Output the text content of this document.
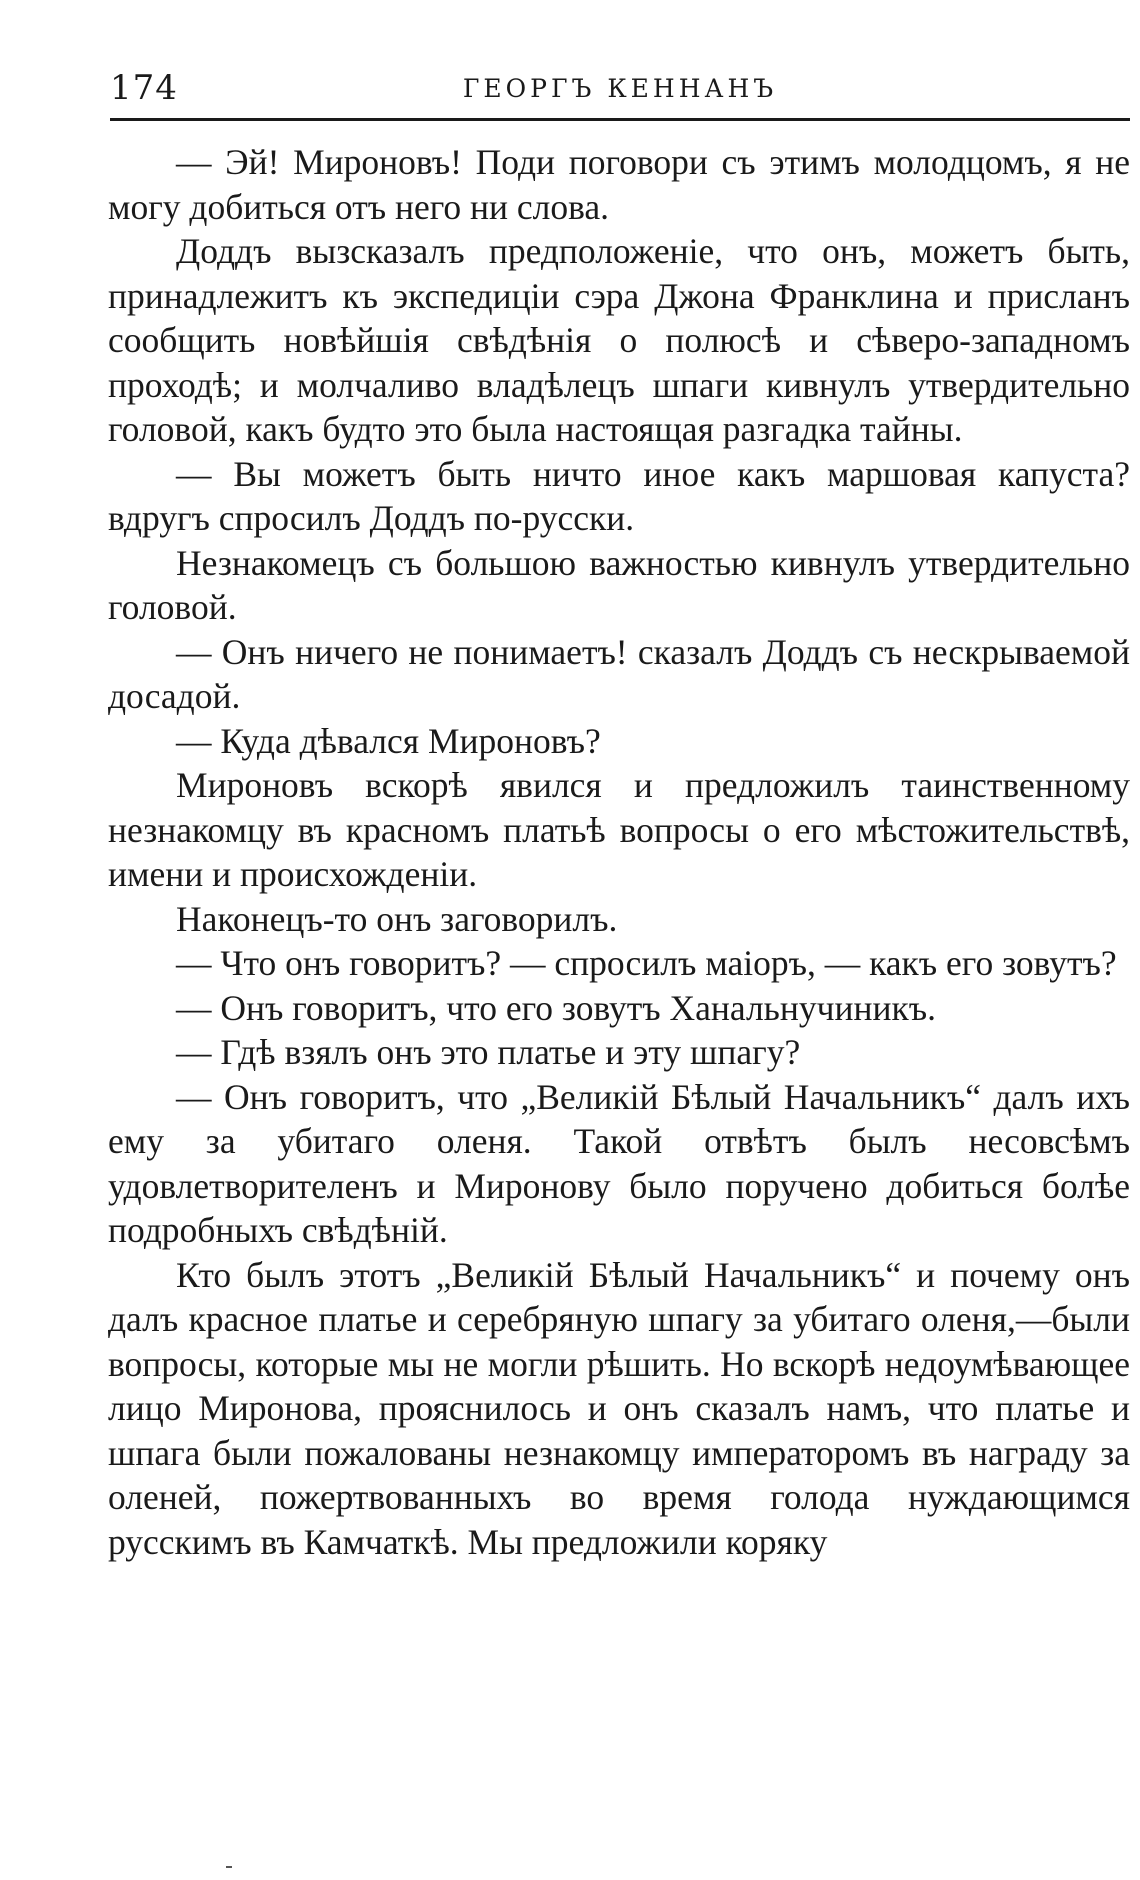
174	ГЕОРГЪ КЕННАНЪ

— Эй! Мироновъ! Поди поговори съ этимъ молодцомъ, я не могу добиться отъ него ни слова.

Доддъ вызсказалъ предположеніе, что онъ, можетъ быть, принадлежитъ къ экспедиціи сэра Джона Франклина и присланъ сообщить новѣйшія свѣдѣнія о полюсѣ и сѣверо-западномъ проходѣ; и молчаливо владѣлецъ шпаги кивнулъ утвердительно головой, какъ будто это была настоящая разгадка тайны.

— Вы можетъ быть ничто иное какъ маршовая капуста? вдругъ спросилъ Доддъ по-русски.

Незнакомецъ съ большою важностью кивнулъ утвердительно головой.

— Онъ ничего не понимаетъ! сказалъ Доддъ съ нескрываемой досадой.

— Куда дѣвался Мироновъ?

Мироновъ вскорѣ явился и предложилъ таинственному незнакомцу въ красномъ платьѣ вопросы о его мѣстожительствѣ, имени и происхожденіи.

Наконецъ-то онъ заговорилъ.

— Что онъ говоритъ? — спросилъ маіоръ, — какъ его зовутъ?

— Онъ говоритъ, что его зовутъ Ханальнучиникъ.

— Гдѣ взялъ онъ это платье и эту шпагу?

— Онъ говоритъ, что „Великій Бѣлый Начальникъ“ далъ ихъ ему за убитаго оленя. Такой отвѣтъ былъ несовсѣмъ удовлетворителенъ и Миронову было поручено добиться болѣе подробныхъ свѣдѣній.

Кто былъ этотъ „Великій Бѣлый Начальникъ“ и почему онъ далъ красное платье и серебряную шпагу за убитаго оленя,—были вопросы, которые мы не могли рѣшить. Но вскорѣ недоумѣвающее лицо Миронова, прояснилось и онъ сказалъ намъ, что платье и шпага были пожалованы незнакомцу императоромъ въ награду за оленей, пожертвованныхъ во время голода нуждающимся русскимъ въ Камчаткѣ. Мы предложили коряку
